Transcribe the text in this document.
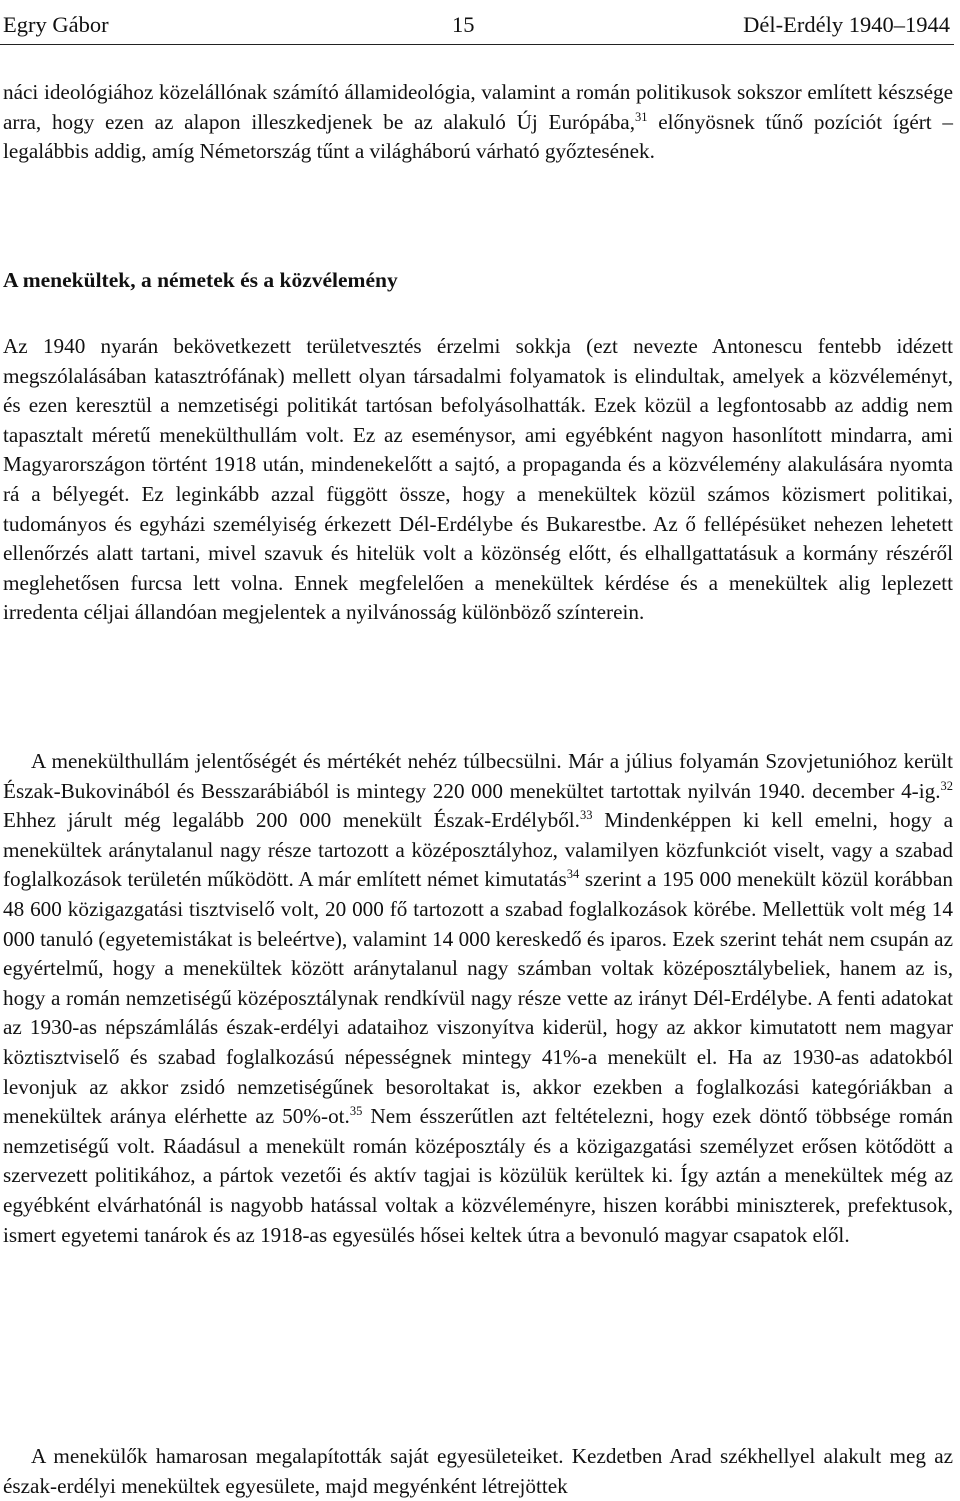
Egry Gábor	15	Dél-Erdély 1940–1944

náci ideológiához közelállónak számító államideológia, valamint a román politikusok sokszor említett készsége arra, hogy ezen az alapon illeszkedjenek be az alakuló Új Európába,$^{31}$ előnyösnek tűnő pozíciót ígért – legalábbis addig, amíg Németország tűnt a világháború várható győztesének.

A menekültek, a németek és a közvélemény

Az 1940 nyarán bekövetkezett területvesztés érzelmi sokkja (ezt nevezte Antonescu fentebb idézett megszólalásában katasztrófának) mellett olyan társadalmi folyamatok is elindultak, amelyek a közvéleményt, és ezen keresztül a nemzetiségi politikát tartósan befolyásolhatták. Ezek közül a legfontosabb az addig nem tapasztalt méretű menekülthullám volt. Ez az eseménysor, ami egyébként nagyon hasonlított mindarra, ami Magyarországon történt 1918 után, mindenekelőtt a sajtó, a propaganda és a közvélemény alakulására nyomta rá a bélyegét. Ez leginkább azzal függött össze, hogy a menekültek közül számos közismert politikai, tudományos és egyházi személyiség érkezett Dél-Erdélybe és Bukarestbe. Az ő fellépésüket nehezen lehetett ellenőrzés alatt tartani, mivel szavuk és hitelük volt a közönség előtt, és elhallgattatásuk a kormány részéről meglehetősen furcsa lett volna. Ennek megfelelően a menekültek kérdése és a menekültek alig leplezett irredenta céljai állandóan megjelentek a nyilvánosság különböző színterein.

A menekülthullám jelentőségét és mértékét nehéz túlbecsülni. Már a július folyamán Szovjetunióhoz került Észak-Bukovinából és Besszarábiából is mintegy 220 000 menekültet tartottak nyilván 1940. december 4-ig.$^{32}$ Ehhez járult még legalább 200 000 menekült Észak-Erdélyből.$^{33}$ Mindenképpen ki kell emelni, hogy a menekültek aránytalanul nagy része tartozott a középosztályhoz, valamilyen közfunkciót viselt, vagy a szabad foglalkozások területén működött. A már említett német kimutatás$^{34}$ szerint a 195 000 menekült közül korábban 48 600 közigazgatási tisztviselő volt, 20 000 fő tartozott a szabad foglalkozások körébe. Mellettük volt még 14 000 tanuló (egyetemistákat is beleértve), valamint 14 000 kereskedő és iparos. Ezek szerint tehát nem csupán az egyértelmű, hogy a menekültek között aránytalanul nagy számban voltak középosztálybeliek, hanem az is, hogy a román nemzetiségű középosztálynak rendkívül nagy része vette az irányt Dél-Erdélybe. A fenti adatokat az 1930-as népszámlálás észak-erdélyi adataihoz viszonyítva kiderül, hogy az akkor kimutatott nem magyar köztisztviselő és szabad foglalkozású népességnek mintegy 41%-a menekült el. Ha az 1930-as adatokból levonjuk az akkor zsidó nemzetiségűnek besoroltakat is, akkor ezekben a foglalkozási kategóriákban a menekültek aránya elérhette az 50%-ot.$^{35}$ Nem ésszerűtlen azt feltételezni, hogy ezek döntő többsége román nemzetiségű volt. Ráadásul a menekült román középosztály és a közigazgatási személyzet erősen kötődött a szervezett politikához, a pártok vezetői és aktív tagjai is közülük kerültek ki. Így aztán a menekültek még az egyébként elvárhatónál is nagyobb hatással voltak a közvéleményre, hiszen korábbi miniszterek, prefektusok, ismert egyetemi tanárok és az 1918-as egyesülés hősei keltek útra a bevonuló magyar csapatok elől.

A menekülők hamarosan megalapították saját egyesületeiket. Kezdetben Arad székhellyel alakult meg az észak-erdélyi menekültek egyesülete, majd megyénként létrejöttek
